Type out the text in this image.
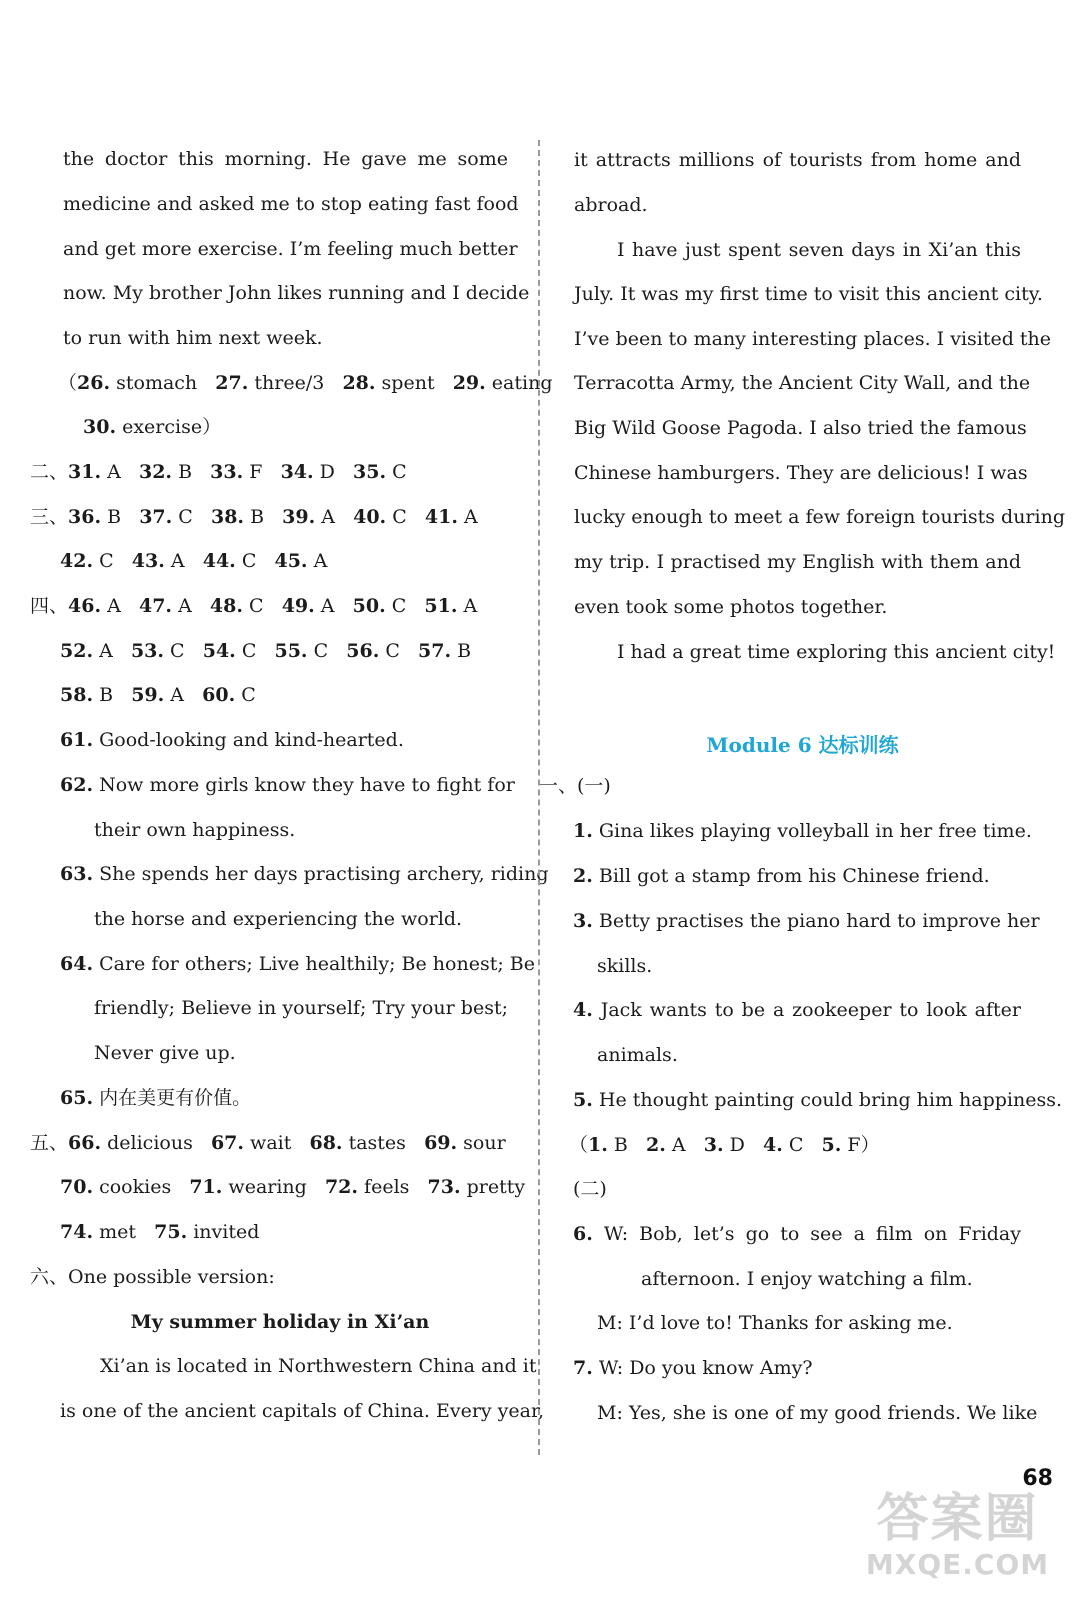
the doctor this morning. He gave me some
medicine and asked me to stop eating fast food
and get more exercise. I’m feeling much better
now. My brother John likes running and I decide
to run with him next week.
（26. stomach   27. three/3   28. spent   29. eating
30. exercise）
二、31. A   32. B   33. F   34. D   35. C
三、36. B   37. C   38. B   39. A   40. C   41. A
42. C   43. A   44. C   45. A
四、46. A   47. A   48. C   49. A   50. C   51. A
52. A   53. C   54. C   55. C   56. C   57. B
58. B   59. A   60. C
61. Good-looking and kind-hearted.
62. Now more girls know they have to fight for
their own happiness.
63. She spends her days practising archery, riding
the horse and experiencing the world.
64. Care for others; Live healthily; Be honest; Be
friendly; Believe in yourself; Try your best;
Never give up.
65. 内在美更有价值。
五、66. delicious   67. wait   68. tastes   69. sour
70. cookies   71. wearing   72. feels   73. pretty
74. met   75. invited
六、One possible version:
My summer holiday in Xi’an
Xi’an is located in Northwestern China and it
is one of the ancient capitals of China. Every year,
Module 6 达标训练
it attracts millions of tourists from home and
abroad.
I have just spent seven days in Xi’an this
July. It was my first time to visit this ancient city.
I’ve been to many interesting places. I visited the
Terracotta Army, the Ancient City Wall, and the
Big Wild Goose Pagoda. I also tried the famous
Chinese hamburgers. They are delicious! I was
lucky enough to meet a few foreign tourists during
my trip. I practised my English with them and
even took some photos together.
I had a great time exploring this ancient city!
一、(一)
1. Gina likes playing volleyball in her free time.
2. Bill got a stamp from his Chinese friend.
3. Betty practises the piano hard to improve her
skills.
4. Jack wants to be a zookeeper to look after
animals.
5. He thought painting could bring him happiness.
（1. B   2. A   3. D   4. C   5. F）
(二)
6. W: Bob, let’s go to see a film on Friday
afternoon. I enjoy watching a film.
M: I’d love to! Thanks for asking me.
7. W: Do you know Amy?
M: Yes, she is one of my good friends. We like
68
答案圈
MXQE.COM
